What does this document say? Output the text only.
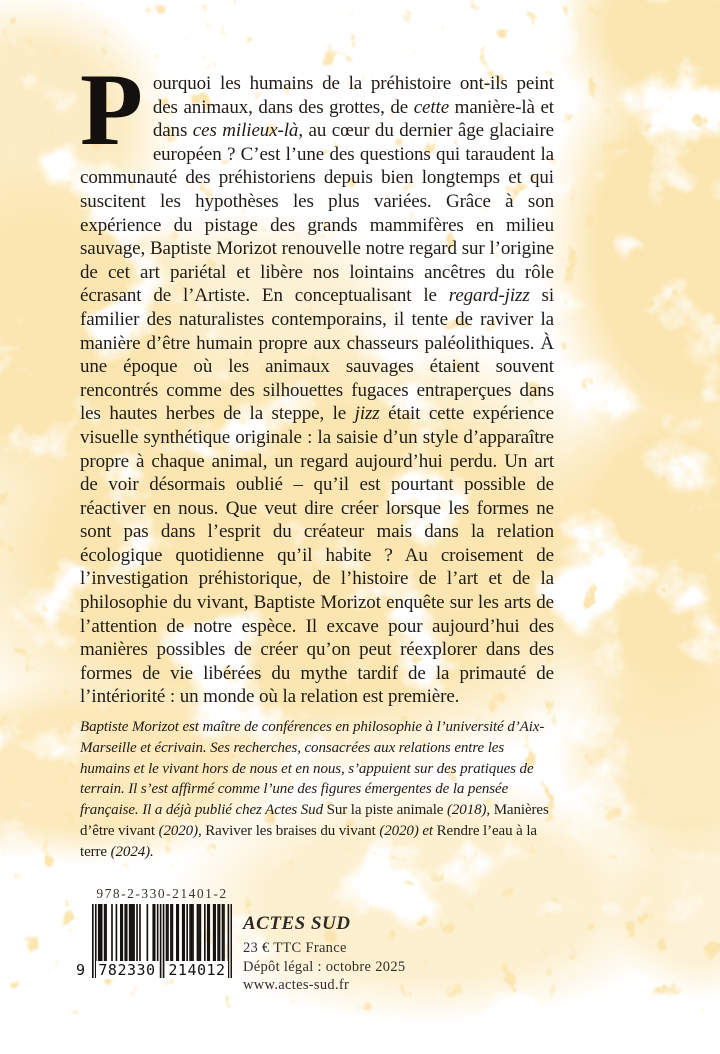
Pourquoi les humains de la préhistoire ont-ils peint des animaux, dans des grottes, de cette manière-là et dans ces milieux-là, au cœur du dernier âge glaciaire européen ? C’est l’une des questions qui taraudent la communauté des préhistoriens depuis bien longtemps et qui suscitent les hypothèses les plus variées. Grâce à son expérience du pistage des grands mammifères en milieu sauvage, Baptiste Morizot renouvelle notre regard sur l’origine de cet art pariétal et libère nos lointains ancêtres du rôle écrasant de l’Artiste. En conceptualisant le regard-jizz si familier des naturalistes contemporains, il tente de raviver la manière d’être humain propre aux chasseurs paléolithiques. À une époque où les animaux sauvages étaient souvent rencontrés comme des silhouettes fugaces entraperçues dans les hautes herbes de la steppe, le jizz était cette expérience visuelle synthétique originale : la saisie d’un style d’apparaître propre à chaque animal, un regard aujourd’hui perdu. Un art de voir désormais oublié – qu’il est pourtant possible de réactiver en nous. Que veut dire créer lorsque les formes ne sont pas dans l’esprit du créateur mais dans la relation écologique quotidienne qu’il habite ? Au croisement de l’investigation préhistorique, de l’histoire de l’art et de la philosophie du vivant, Baptiste Morizot enquête sur les arts de l’attention de notre espèce. Il excave pour aujourd’hui des manières possibles de créer qu’on peut réexplorer dans des formes de vie libérées du mythe tardif de la primauté de l’intériorité : un monde où la relation est première.

Baptiste Morizot est maître de conférences en philosophie à l’université d’Aix-Marseille et écrivain. Ses recherches, consacrées aux relations entre les humains et le vivant hors de nous et en nous, s’appuient sur des pratiques de terrain. Il s’est affirmé comme l’une des figures émergentes de la pensée française. Il a déjà publié chez Actes Sud Sur la piste animale (2018), Manières d’être vivant (2020), Raviver les braises du vivant (2020) et Rendre l’eau à la terre (2024).

978-2-330-21401-2
9 782330 214012

ACTES SUD

23 € TTC France

Dépôt légal : octobre 2025

www.actes-sud.fr
